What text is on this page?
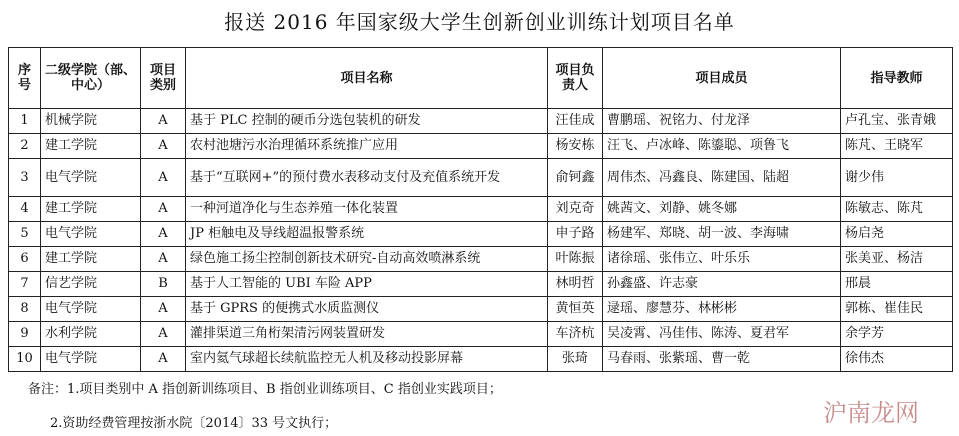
报送 2016 年国家级大学生创新创业训练计划项目名单
序号	二级学院（部、中心）	项目类别	项目名称	项目负责人	项目成员	指导教师
1	机械学院	A	基于 PLC 控制的硬币分选包装机的研发	汪佳成	曹鹏瑶、祝铭力、付龙泽	卢孔宝、张青娥
2	建工学院	A	农村池塘污水治理循环系统推广应用	杨安栋	汪飞、卢冰峰、陈鎏聪、项鲁飞	陈芃、王晓军
3	电气学院	A	基于“互联网+”的预付费水表移动支付及充值系统开发	俞钶鑫	周伟杰、冯鑫良、陈建国、陆超	谢少伟
4	建工学院	A	一种河道净化与生态养殖一体化装置	刘克奇	姚茜文、刘静、姚冬娜	陈敏志、陈芃
5	电气学院	A	JP 柜触电及导线超温报警系统	申子路	杨建军、郑晓、胡一波、李海啸	杨启尧
6	建工学院	A	绿色施工扬尘控制创新技术研究-自动高效喷淋系统	叶陈振	诸徐瑶、张伟立、叶乐乐	张美亚、杨洁
7	信艺学院	B	基于人工智能的 UBI 车险 APP	林明哲	孙鑫盛、许志豪	邢晨
8	电气学院	A	基于 GPRS 的便携式水质监测仪	黄恒英	逯瑶、廖慧芬、林彬彬	郭栋、崔佳民
9	水利学院	A	灌排渠道三角桁架清污网装置研发	车济杭	吴凌霄、冯佳伟、陈涛、夏君军	余学芳
10	电气学院	A	室内氦气球超长续航监控无人机及移动投影屏幕	张琦	马春雨、张紫瑶、曹一乾	徐伟杰
备注：1.项目类别中 A 指创新训练项目、B 指创业训练项目、C 指创业实践项目；
2.资助经费管理按浙水院〔2014〕33 号文执行；	沪南龙网
